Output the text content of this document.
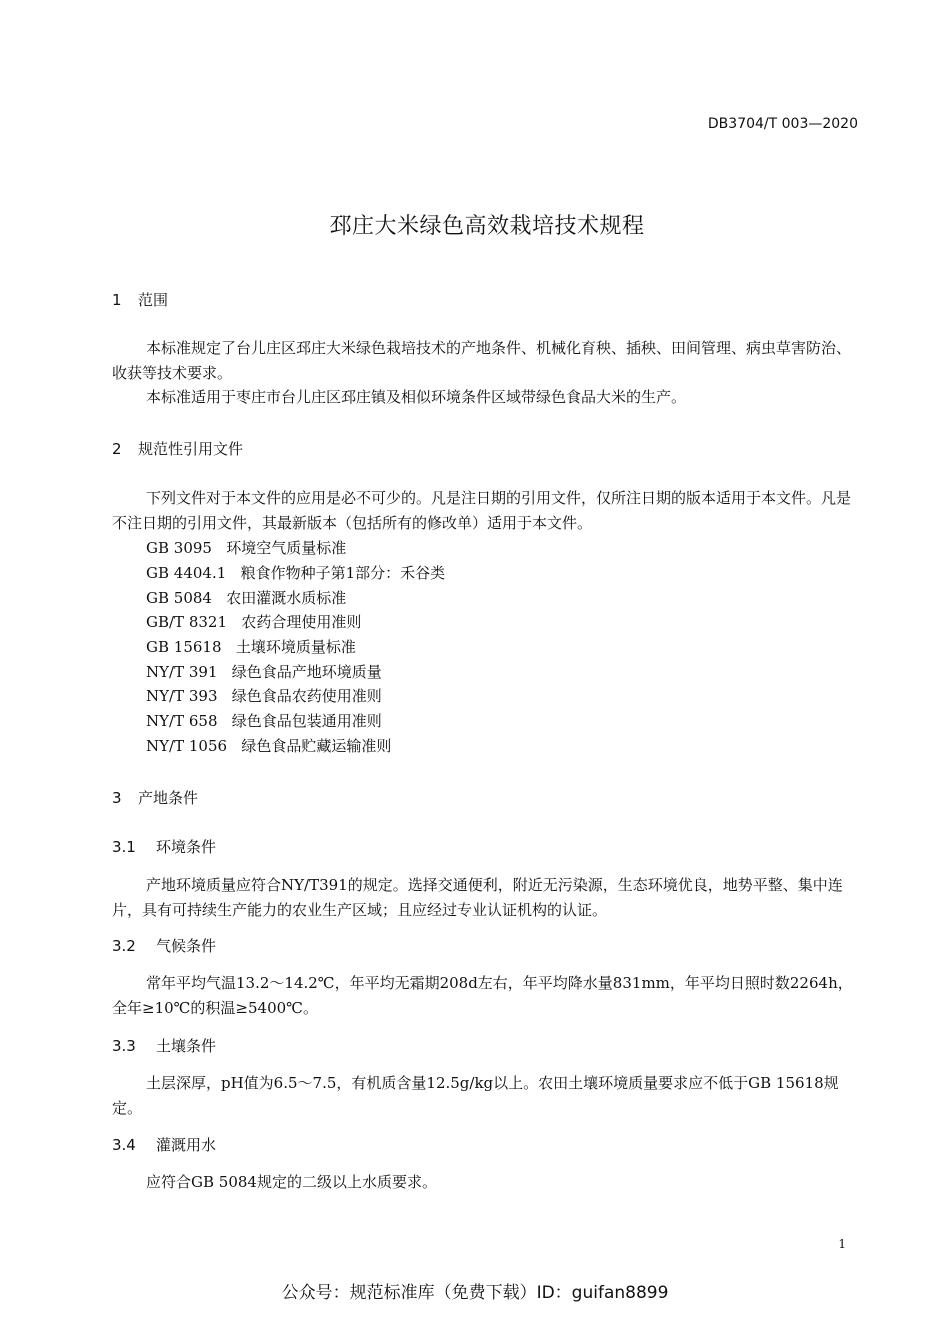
DB3704/T 003—2020
邳庄大米绿色高效栽培技术规程
1 范围
本标准规定了台儿庄区邳庄大米绿色栽培技术的产地条件、机械化育秧、插秧、田间管理、病虫草害防治、收获等技术要求。
本标准适用于枣庄市台儿庄区邳庄镇及相似环境条件区域带绿色食品大米的生产。
2 规范性引用文件
下列文件对于本文件的应用是必不可少的。凡是注日期的引用文件，仅所注日期的版本适用于本文件。凡是不注日期的引用文件，其最新版本（包括所有的修改单）适用于本文件。
GB 3095 环境空气质量标准
GB 4404.1 粮食作物种子第1部分：禾谷类
GB 5084 农田灌溉水质标准
GB/T 8321 农药合理使用准则
GB 15618 土壤环境质量标准
NY/T 391 绿色食品产地环境质量
NY/T 393 绿色食品农药使用准则
NY/T 658 绿色食品包装通用准则
NY/T 1056 绿色食品贮藏运输准则
3 产地条件
3.1 环境条件
产地环境质量应符合NY/T391的规定。选择交通便利，附近无污染源，生态环境优良，地势平整、集中连片，具有可持续生产能力的农业生产区域；且应经过专业认证机构的认证。
3.2 气候条件
常年平均气温13.2～14.2℃，年平均无霜期208d左右，年平均降水量831mm，年平均日照时数2264h，全年≥10℃的积温≥5400℃。
3.3 土壤条件
土层深厚，pH值为6.5～7.5，有机质含量12.5g/kg以上。农田土壤环境质量要求应不低于GB 15618规定。
3.4 灌溉用水
应符合GB 5084规定的二级以上水质要求。
1
公众号：规范标准库（免费下载）ID：guifan8899
